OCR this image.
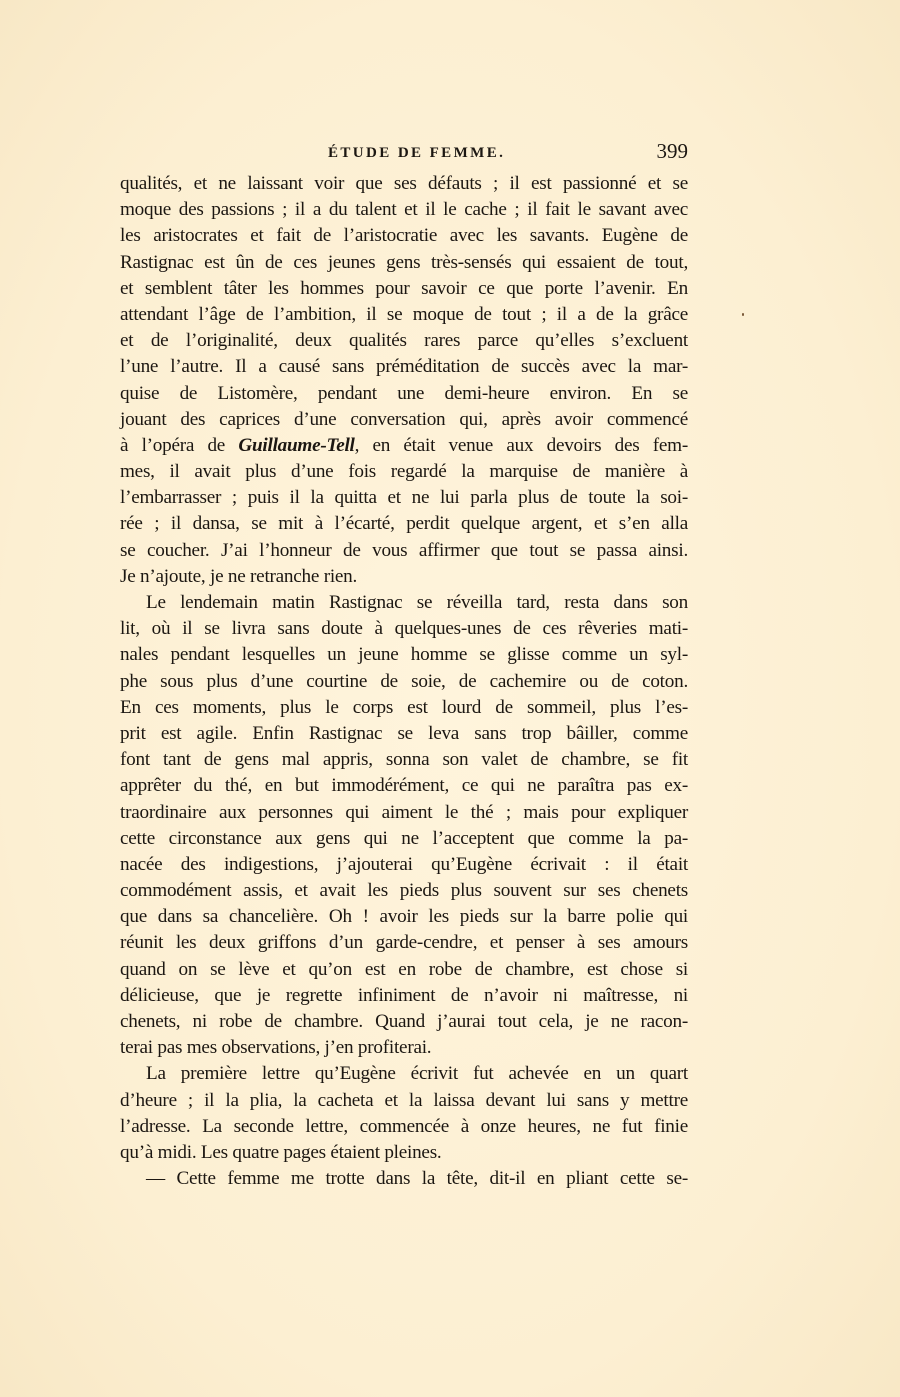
ÉTUDE DE FEMME.	399
qualités, et ne laissant voir que ses défauts ; il est passionné et se
moque des passions ; il a du talent et il le cache ; il fait le savant avec
les aristocrates et fait de l’aristocratie avec les savants. Eugène de
Rastignac est ûn de ces jeunes gens très-sensés qui essaient de tout,
et semblent tâter les hommes pour savoir ce que porte l’avenir. En
attendant l’âge de l’ambition, il se moque de tout ; il a de la grâce
et de l’originalité, deux qualités rares parce qu’elles s’excluent
l’une l’autre. Il a causé sans préméditation de succès avec la mar-
quise de Listomère, pendant une demi-heure environ. En se
jouant des caprices d’une conversation qui, après avoir commencé
à l’opéra de Guillaume-Tell, en était venue aux devoirs des fem-
mes, il avait plus d’une fois regardé la marquise de manière à
l’embarrasser ; puis il la quitta et ne lui parla plus de toute la soi-
rée ; il dansa, se mit à l’écarté, perdit quelque argent, et s’en alla
se coucher. J’ai l’honneur de vous affirmer que tout se passa ainsi.
Je n’ajoute, je ne retranche rien.
Le lendemain matin Rastignac se réveilla tard, resta dans son
lit, où il se livra sans doute à quelques-unes de ces rêveries mati-
nales pendant lesquelles un jeune homme se glisse comme un syl-
phe sous plus d’une courtine de soie, de cachemire ou de coton.
En ces moments, plus le corps est lourd de sommeil, plus l’es-
prit est agile. Enfin Rastignac se leva sans trop bâiller, comme
font tant de gens mal appris, sonna son valet de chambre, se fit
apprêter du thé, en but immodérément, ce qui ne paraîtra pas ex-
traordinaire aux personnes qui aiment le thé ; mais pour expliquer
cette circonstance aux gens qui ne l’acceptent que comme la pa-
nacée des indigestions, j’ajouterai qu’Eugène écrivait : il était
commodément assis, et avait les pieds plus souvent sur ses chenets
que dans sa chancelière. Oh ! avoir les pieds sur la barre polie qui
réunit les deux griffons d’un garde-cendre, et penser à ses amours
quand on se lève et qu’on est en robe de chambre, est chose si
délicieuse, que je regrette infiniment de n’avoir ni maîtresse, ni
chenets, ni robe de chambre. Quand j’aurai tout cela, je ne racon-
terai pas mes observations, j’en profiterai.
La première lettre qu’Eugène écrivit fut achevée en un quart
d’heure ; il la plia, la cacheta et la laissa devant lui sans y mettre
l’adresse. La seconde lettre, commencée à onze heures, ne fut finie
qu’à midi. Les quatre pages étaient pleines.
— Cette femme me trotte dans la tête, dit-il en pliant cette se-
